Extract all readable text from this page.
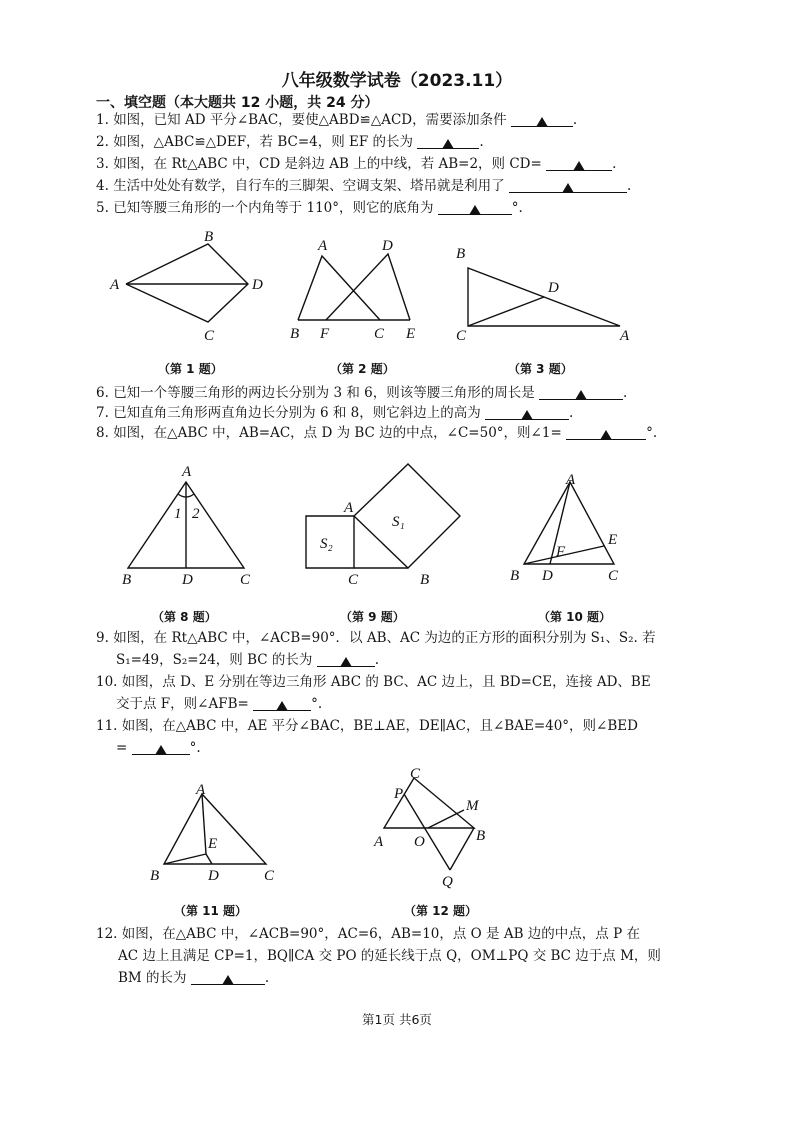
八年级数学试卷（2023.11）
一、填空题（本大题共 12 小题，共 24 分）
1. 如图，已知 AD 平分∠BAC，要使△ABD≌△ACD，需要添加条件	.
2. 如图，△ABC≌△DEF，若 BC=4，则 EF 的长为	.
3. 如图，在 Rt△ABC 中，CD 是斜边 AB 上的中线，若 AB=2，则 CD=	.
4. 生活中处处有数学，自行车的三脚架、空调支架、塔吊就是利用了	.
5. 已知等腰三角形的一个内角等于 110°，则它的底角为	°.
A
B
C
D
（第 1 题）
A	D
B F	C E
（第 2 题）
B
D
C	A
（第 3 题）
6. 已知一个等腰三角形的两边长分别为 3 和 6，则该等腰三角形的周长是	.
7. 已知直角三角形两直角边长分别为 6 和 8，则它斜边上的高为	.
8. 如图，在△ABC 中，AB=AC，点 D 为 BC 边的中点，∠C=50°，则∠1=	°.
A
1 2
B	D	C
（第 8 题）
A
S₁
S₂
C	B
（第 9 题）
A
E
F
B D	C
（第 10 题）
9. 如图，在 Rt△ABC 中，∠ACB=90°．以 AB、AC 为边的正方形的面积分别为 S₁、S₂. 若
S₁=49，S₂=24，则 BC 的长为	.
10. 如图，点 D、E 分别在等边三角形 ABC 的 BC、AC 边上，且 BD=CE，连接 AD、BE
交于点 F，则∠AFB=	°.
11. 如图，在△ABC 中，AE 平分∠BAC，BE⊥AE，DE∥AC，且∠BAE=40°，则∠BED
=	°.
A
E
B	D	C
（第 11 题）
C
P
M
A O	B
Q
（第 12 题）
12. 如图，在△ABC 中，∠ACB=90°，AC=6，AB=10，点 O 是 AB 边的中点，点 P 在
AC 边上且满足 CP=1，BQ∥CA 交 PO 的延长线于点 Q，OM⊥PQ 交 BC 边于点 M，则
BM 的长为	.
第1页 共6页
